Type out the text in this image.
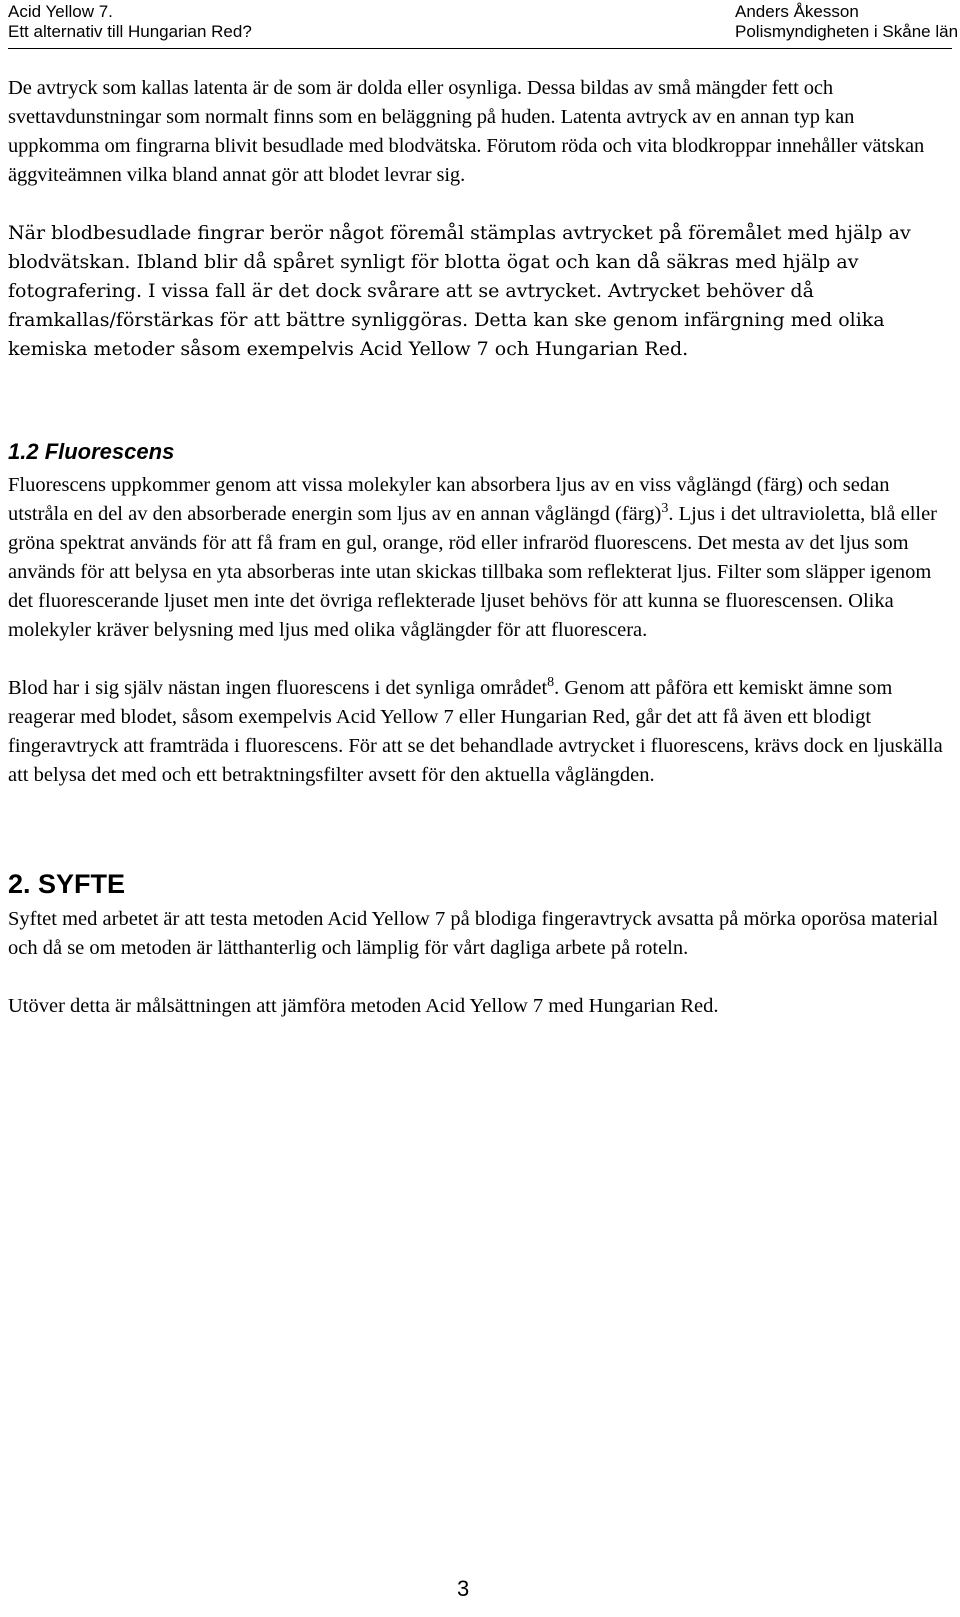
Acid Yellow 7.
Ett alternativ till Hungarian Red?
Anders Åkesson
Polismyndigheten i Skåne län

De avtryck som kallas latenta är de som är dolda eller osynliga. Dessa bildas av små mängder fett och svettavdunstningar som normalt finns som en beläggning på huden. Latenta avtryck av en annan typ kan uppkomma om fingrarna blivit besudlade med blodvätska. Förutom röda och vita blodkroppar innehåller vätskan äggviteämnen vilka bland annat gör att blodet levrar sig.

När blodbesudlade fingrar berör något föremål stämplas avtrycket på föremålet med hjälp av blodvätskan. Ibland blir då spåret synligt för blotta ögat och kan då säkras med hjälp av fotografering. I vissa fall är det dock svårare att se avtrycket. Avtrycket behöver då framkallas/förstärkas för att bättre synliggöras. Detta kan ske genom infärgning med olika kemiska metoder såsom exempelvis Acid Yellow 7 och Hungarian Red.

1.2 Fluorescens

Fluorescens uppkommer genom att vissa molekyler kan absorbera ljus av en viss våglängd (färg) och sedan utstråla en del av den absorberade energin som ljus av en annan våglängd (färg)$^3$. Ljus i det ultravioletta, blå eller gröna spektrat används för att få fram en gul, orange, röd eller infraröd fluorescens. Det mesta av det ljus som används för att belysa en yta absorberas inte utan skickas tillbaka som reflekterat ljus. Filter som släpper igenom det fluorescerande ljuset men inte det övriga reflekterade ljuset behövs för att kunna se fluorescensen. Olika molekyler kräver belysning med ljus med olika våglängder för att fluorescera.

Blod har i sig själv nästan ingen fluorescens i det synliga området$^8$. Genom att påföra ett kemiskt ämne som reagerar med blodet, såsom exempelvis Acid Yellow 7 eller Hungarian Red, går det att få även ett blodigt fingeravtryck att framträda i fluorescens. För att se det behandlade avtrycket i fluorescens, krävs dock en ljuskälla att belysa det med och ett betraktningsfilter avsett för den aktuella våglängden.

2. SYFTE

Syftet med arbetet är att testa metoden Acid Yellow 7 på blodiga fingeravtryck avsatta på mörka oporösa material och då se om metoden är lätthanterlig och lämplig för vårt dagliga arbete på roteln.

Utöver detta är målsättningen att jämföra metoden Acid Yellow 7 med Hungarian Red.

3
